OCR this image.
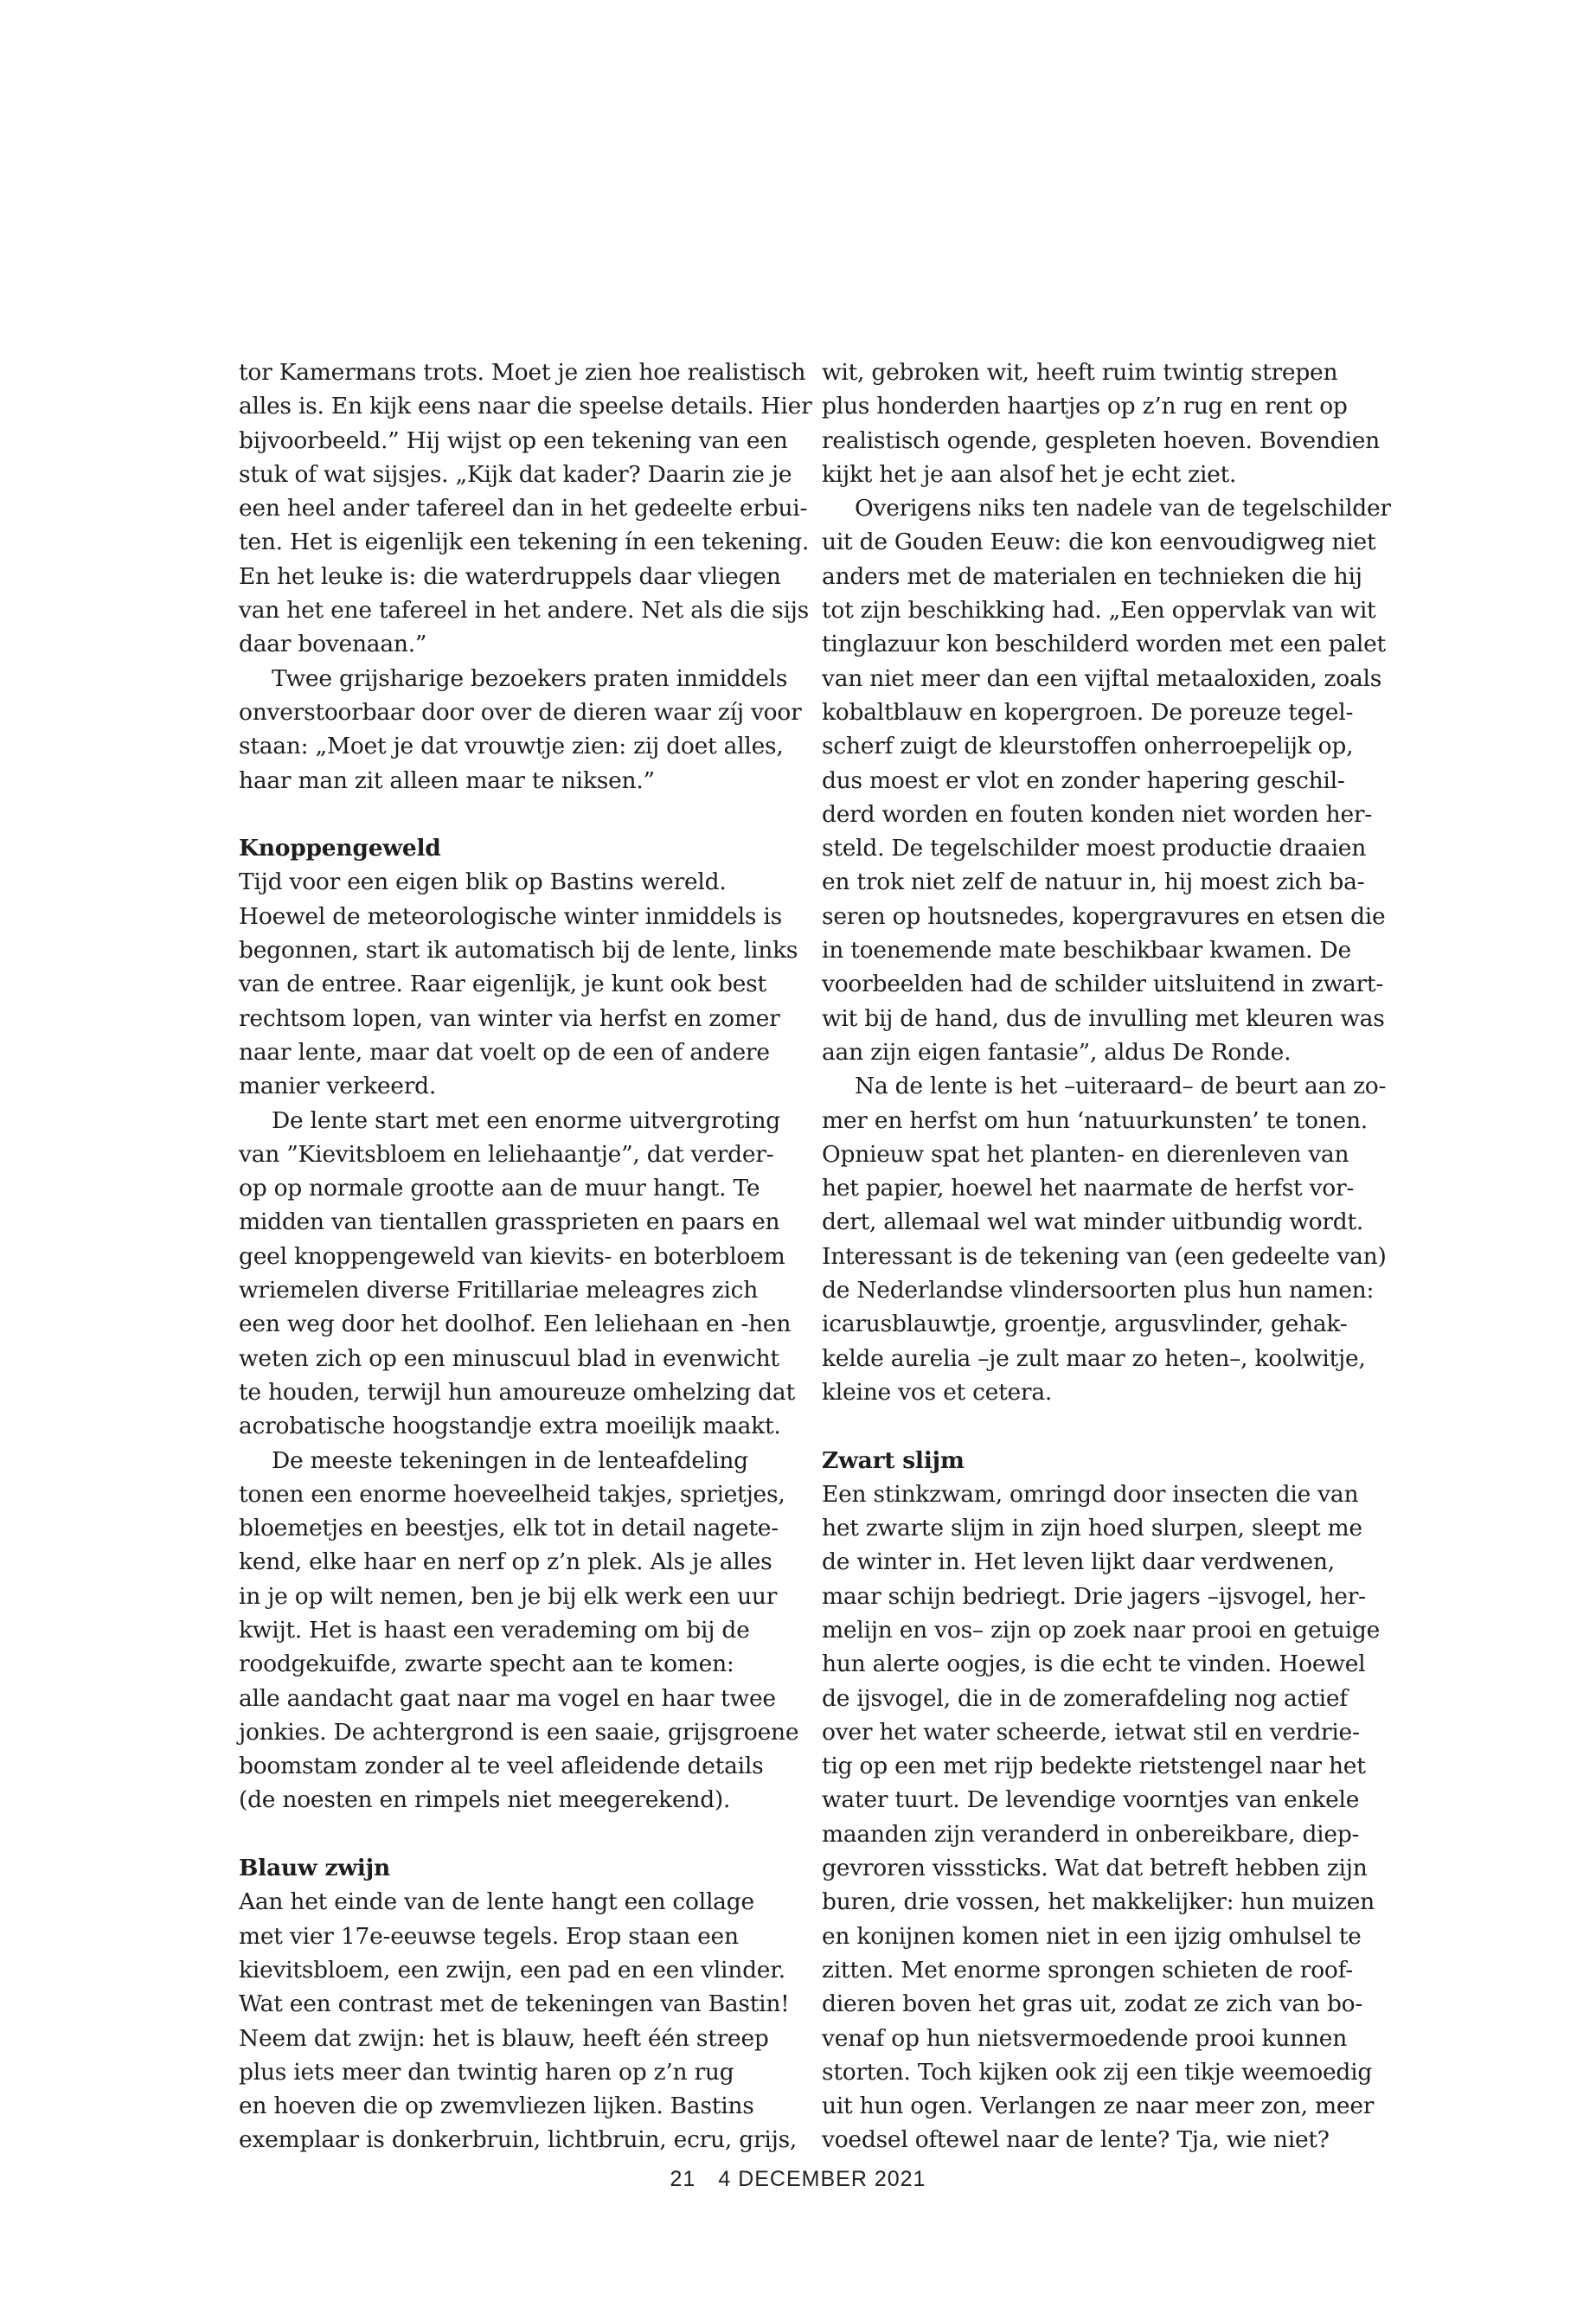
tor Kamermans trots. Moet je zien hoe realistisch
alles is. En kijk eens naar die speelse details. Hier
bijvoorbeeld.” Hij wijst op een tekening van een
stuk of wat sijsjes. „Kijk dat kader? Daarin zie je
een heel ander tafereel dan in het gedeelte erbui-
ten. Het is eigenlijk een tekening ín een tekening.
En het leuke is: die waterdruppels daar vliegen
van het ene tafereel in het andere. Net als die sijs
daar bovenaan.”
Twee grijsharige bezoekers praten inmiddels
onverstoorbaar door over de dieren waar zíj voor
staan: „Moet je dat vrouwtje zien: zij doet alles,
haar man zit alleen maar te niksen.”
Knoppengeweld
Tijd voor een eigen blik op Bastins wereld.
Hoewel de meteorologische winter inmiddels is
begonnen, start ik automatisch bij de lente, links
van de entree. Raar eigenlijk, je kunt ook best
rechtsom lopen, van winter via herfst en zomer
naar lente, maar dat voelt op de een of andere
manier verkeerd.
De lente start met een enorme uitvergroting
van ”Kievitsbloem en leliehaantje”, dat verder-
op op normale grootte aan de muur hangt. Te
midden van tientallen grassprieten en paars en
geel knoppengeweld van kievits- en boterbloem
wriemelen diverse Fritillariae meleagres zich
een weg door het doolhof. Een leliehaan en -hen
weten zich op een minuscuul blad in evenwicht
te houden, terwijl hun amoureuze omhelzing dat
acrobatische hoogstandje extra moeilijk maakt.
De meeste tekeningen in de lenteafdeling
tonen een enorme hoeveelheid takjes, sprietjes,
bloemetjes en beestjes, elk tot in detail nagete-
kend, elke haar en nerf op z’n plek. Als je alles
in je op wilt nemen, ben je bij elk werk een uur
kwijt. Het is haast een verademing om bij de
roodgekuifde, zwarte specht aan te komen:
alle aandacht gaat naar ma vogel en haar twee
jonkies. De achtergrond is een saaie, grijsgroene
boomstam zonder al te veel afleidende details
(de noesten en rimpels niet meegerekend).
Blauw zwijn
Aan het einde van de lente hangt een collage
met vier 17e-eeuwse tegels. Erop staan een
kievitsbloem, een zwijn, een pad en een vlinder.
Wat een contrast met de tekeningen van Bastin!
Neem dat zwijn: het is blauw, heeft één streep
plus iets meer dan twintig haren op z’n rug
en hoeven die op zwemvliezen lijken. Bastins
exemplaar is donkerbruin, lichtbruin, ecru, grijs,
wit, gebroken wit, heeft ruim twintig strepen
plus honderden haartjes op z’n rug en rent op
realistisch ogende, gespleten hoeven. Bovendien
kijkt het je aan alsof het je echt ziet.
Overigens niks ten nadele van de tegelschilder
uit de Gouden Eeuw: die kon eenvoudigweg niet
anders met de materialen en technieken die hij
tot zijn beschikking had. „Een oppervlak van wit
tinglazuur kon beschilderd worden met een palet
van niet meer dan een vijftal metaaloxiden, zoals
kobaltblauw en kopergroen. De poreuze tegel-
scherf zuigt de kleurstoffen onherroepelijk op,
dus moest er vlot en zonder hapering geschil-
derd worden en fouten konden niet worden her-
steld. De tegelschilder moest productie draaien
en trok niet zelf de natuur in, hij moest zich ba-
seren op houtsnedes, kopergravures en etsen die
in toenemende mate beschikbaar kwamen. De
voorbeelden had de schilder uitsluitend in zwart-
wit bij de hand, dus de invulling met kleuren was
aan zijn eigen fantasie”, aldus De Ronde.
Na de lente is het –uiteraard– de beurt aan zo-
mer en herfst om hun ‘natuurkunsten’ te tonen.
Opnieuw spat het planten- en dierenleven van
het papier, hoewel het naarmate de herfst vor-
dert, allemaal wel wat minder uitbundig wordt.
Interessant is de tekening van (een gedeelte van)
de Nederlandse vlindersoorten plus hun namen:
icarusblauwtje, groentje, argusvlinder, gehak-
kelde aurelia –je zult maar zo heten–, koolwitje,
kleine vos et cetera.
Zwart slijm
Een stinkzwam, omringd door insecten die van
het zwarte slijm in zijn hoed slurpen, sleept me
de winter in. Het leven lijkt daar verdwenen,
maar schijn bedriegt. Drie jagers –ijsvogel, her-
melijn en vos– zijn op zoek naar prooi en getuige
hun alerte oogjes, is die echt te vinden. Hoewel
de ijsvogel, die in de zomerafdeling nog actief
over het water scheerde, ietwat stil en verdrie-
tig op een met rijp bedekte rietstengel naar het
water tuurt. De levendige voorntjes van enkele
maanden zijn veranderd in onbereikbare, diep-
gevroren visssticks. Wat dat betreft hebben zijn
buren, drie vossen, het makkelijker: hun muizen
en konijnen komen niet in een ijzig omhulsel te
zitten. Met enorme sprongen schieten de roof-
dieren boven het gras uit, zodat ze zich van bo-
venaf op hun nietsvermoedende prooi kunnen
storten. Toch kijken ook zij een tikje weemoedig
uit hun ogen. Verlangen ze naar meer zon, meer
voedsel oftewel naar de lente? Tja, wie niet?
21 4 DECEMBER 2021
